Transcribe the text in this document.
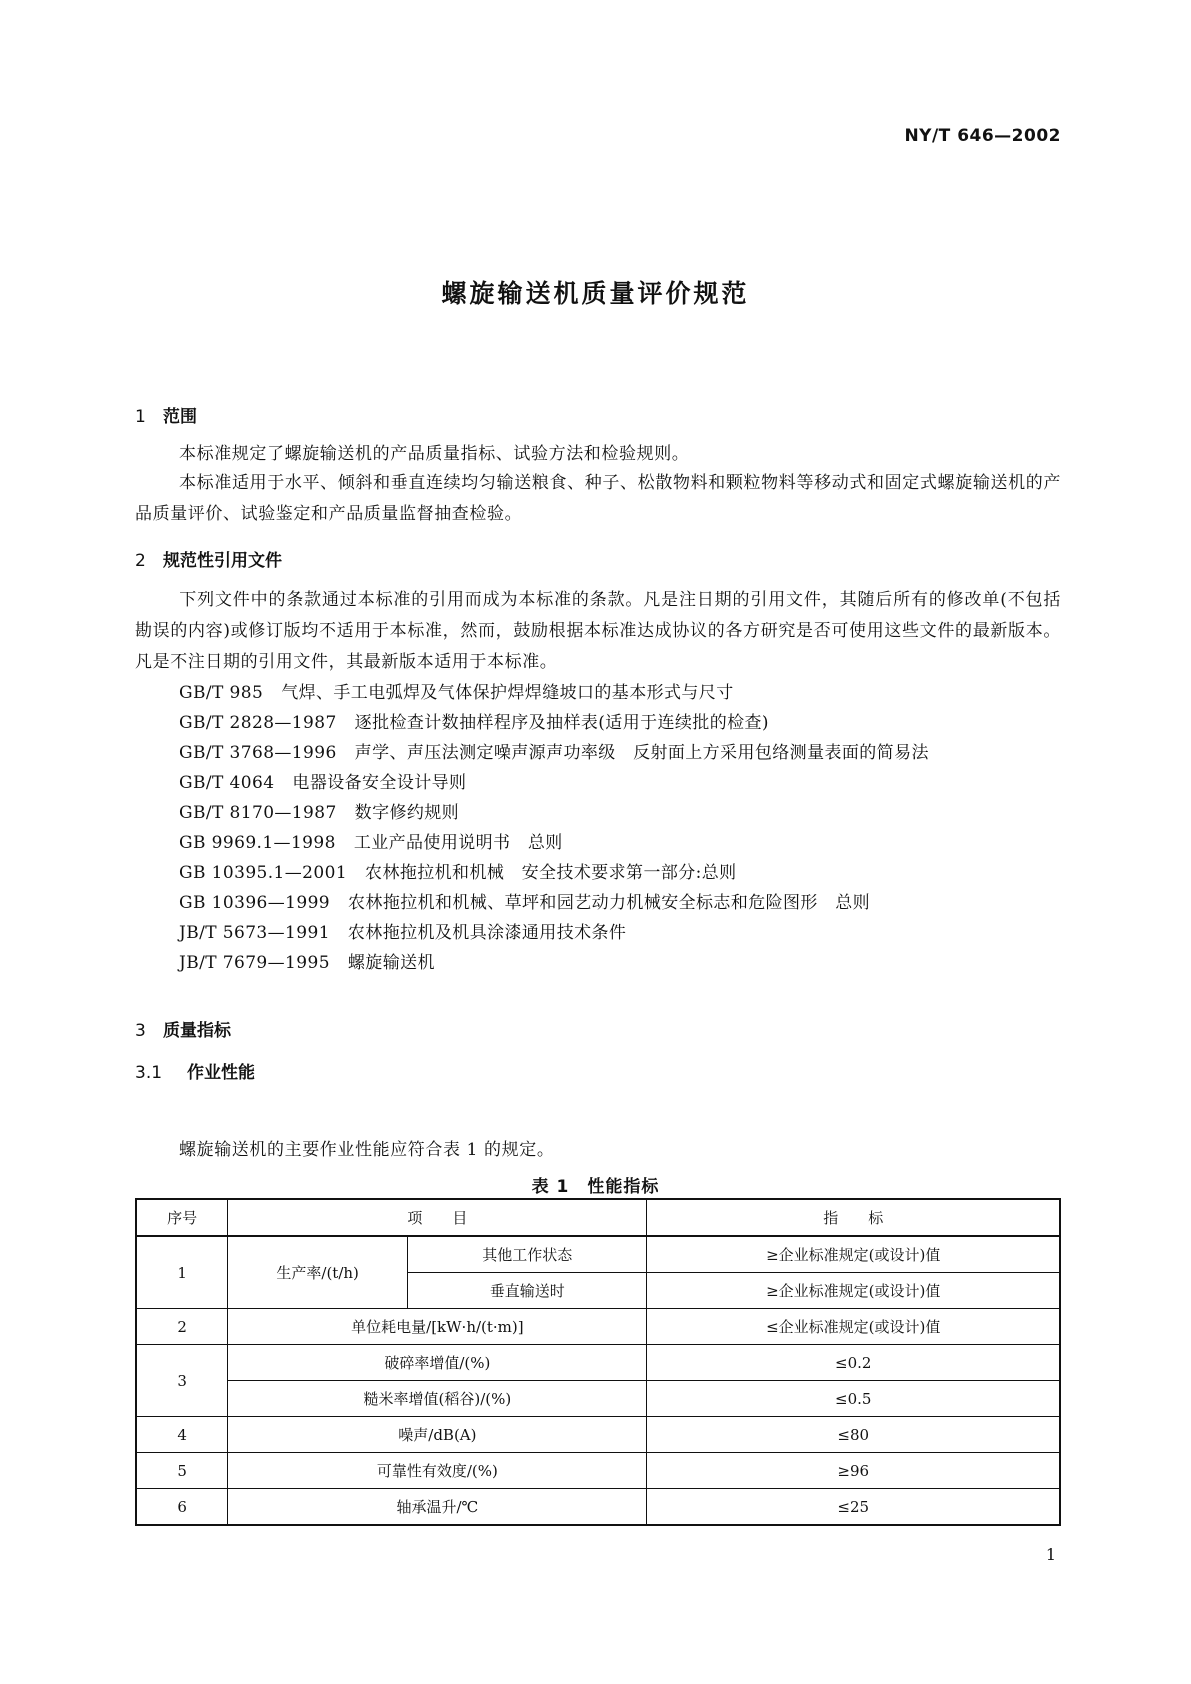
NY/T 646—2002
螺旋输送机质量评价规范
1 范围
本标准规定了螺旋输送机的产品质量指标、试验方法和检验规则。
本标准适用于水平、倾斜和垂直连续均匀输送粮食、种子、松散物料和颗粒物料等移动式和固定式螺旋输送机的产品质量评价、试验鉴定和产品质量监督抽查检验。
2 规范性引用文件
下列文件中的条款通过本标准的引用而成为本标准的条款。凡是注日期的引用文件，其随后所有的修改单(不包括勘误的内容)或修订版均不适用于本标准，然而，鼓励根据本标准达成协议的各方研究是否可使用这些文件的最新版本。凡是不注日期的引用文件，其最新版本适用于本标准。
GB/T 985 气焊、手工电弧焊及气体保护焊焊缝坡口的基本形式与尺寸
GB/T 2828—1987 逐批检查计数抽样程序及抽样表(适用于连续批的检查)
GB/T 3768—1996 声学、声压法测定噪声源声功率级　反射面上方采用包络测量表面的简易法
GB/T 4064 电器设备安全设计导则
GB/T 8170—1987 数字修约规则
GB 9969.1—1998 工业产品使用说明书　总则
GB 10395.1—2001 农林拖拉机和机械　安全技术要求第一部分:总则
GB 10396—1999 农林拖拉机和机械、草坪和园艺动力机械安全标志和危险图形　总则
JB/T 5673—1991 农林拖拉机及机具涂漆通用技术条件
JB/T 7679—1995 螺旋输送机
3 质量指标
3.1 作业性能
螺旋输送机的主要作业性能应符合表 1 的规定。
表 1　性能指标
序号	项　　目		指　　标
1	生产率/(t/h)	其他工作状态	≥企业标准规定(或设计)值
		垂直输送时	≥企业标准规定(或设计)值
2	单位耗电量/[kW·h/(t·m)]		≤企业标准规定(或设计)值
3	破碎率增值/(%)		≤0.2
	糙米率增值(稻谷)/(%)		≤0.5
4	噪声/dB(A)		≤80
5	可靠性有效度/(%)		≥96
6	轴承温升/℃		≤25
1
